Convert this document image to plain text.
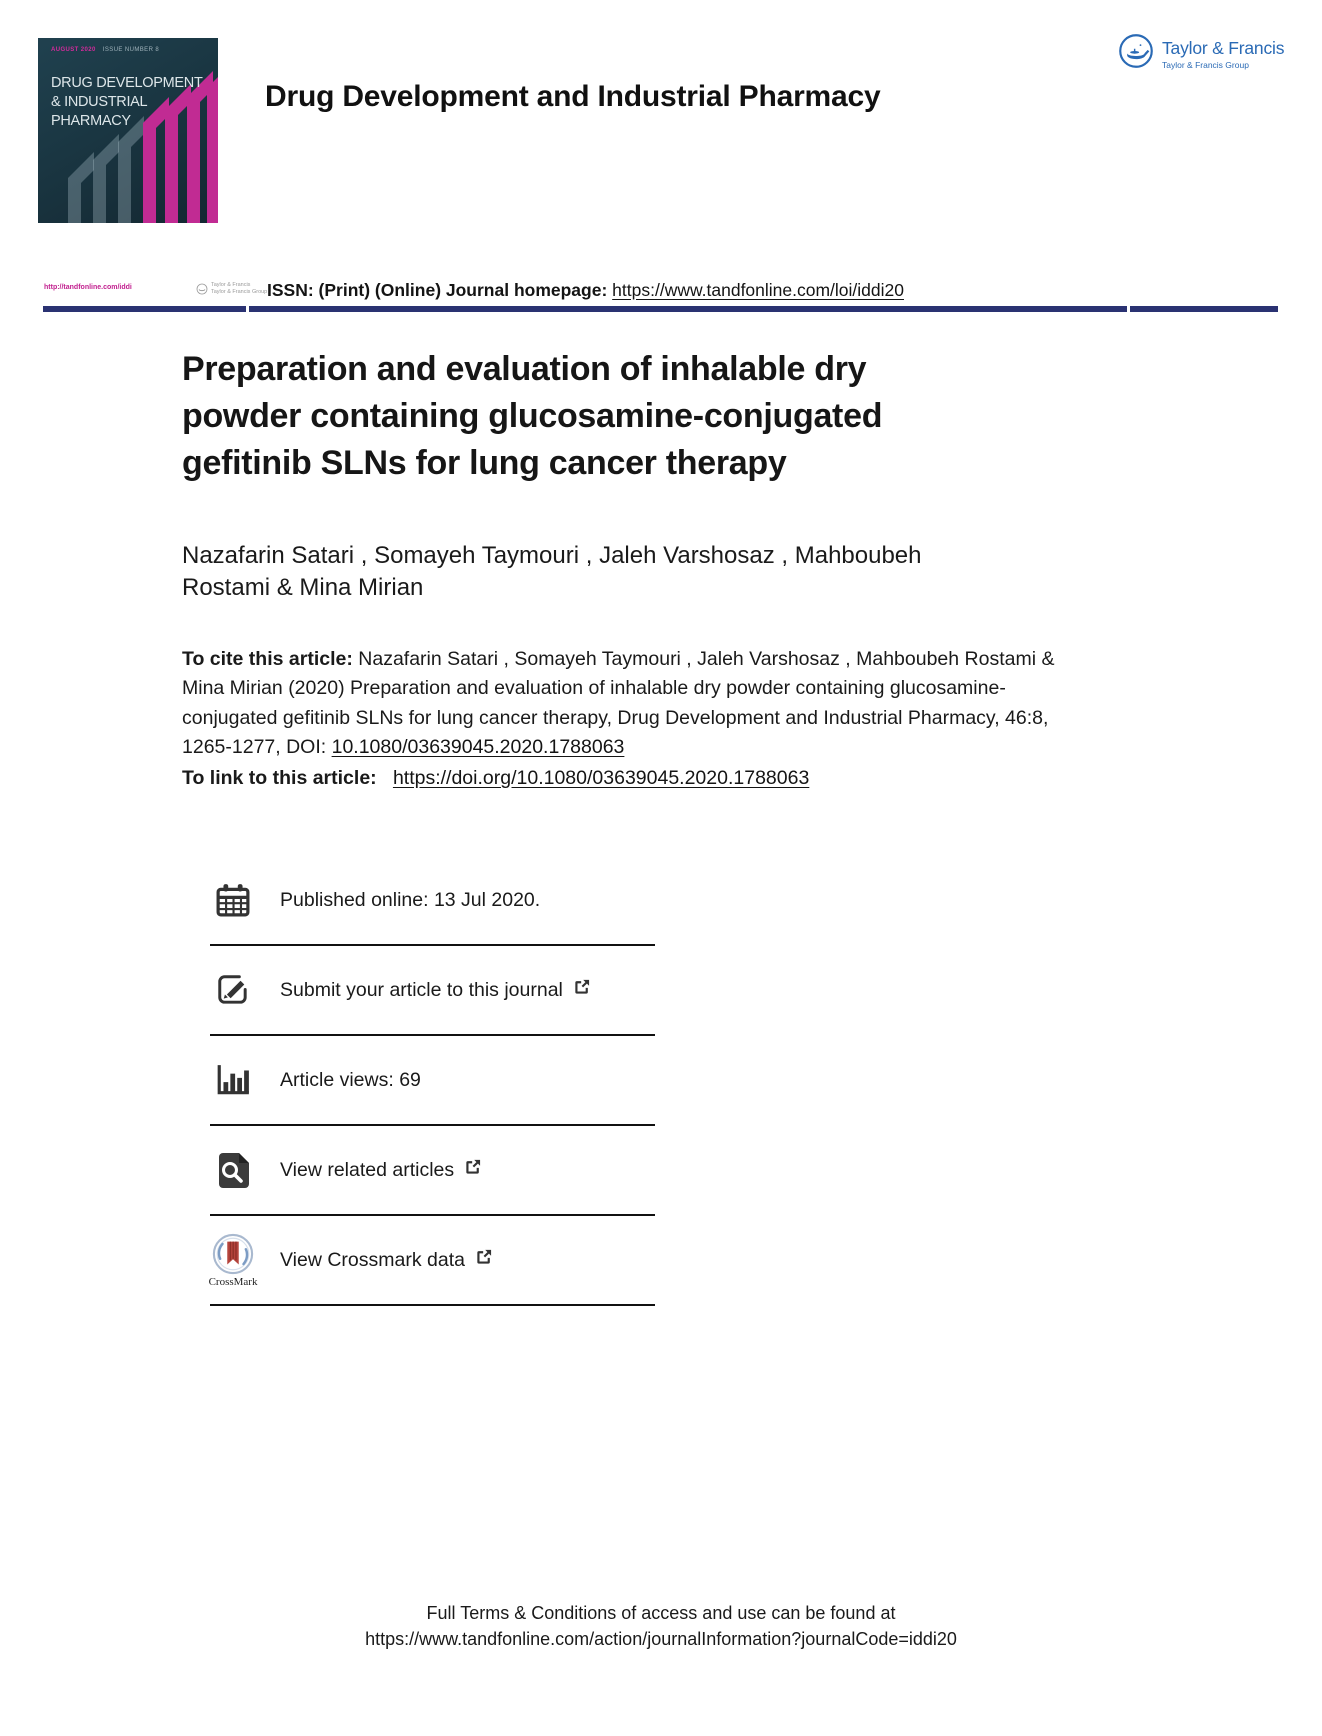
AUGUST 2020 ISSUE NUMBER 8
DRUG DEVELOPMENT
& INDUSTRIAL
PHARMACY
Drug Development and Industrial Pharmacy
Taylor & Francis
Taylor & Francis Group
http://tandfonline.com/iddi	Taylor & Francis
Taylor & Francis Group ISSN: (Print) (Online) Journal homepage: https://www.tandfonline.com/loi/iddi20
Preparation and evaluation of inhalable dry powder containing glucosamine-conjugated gefitinib SLNs for lung cancer therapy
Nazafarin Satari , Somayeh Taymouri , Jaleh Varshosaz , Mahboubeh Rostami & Mina Mirian
To cite this article: Nazafarin Satari , Somayeh Taymouri , Jaleh Varshosaz , Mahboubeh Rostami & Mina Mirian (2020) Preparation and evaluation of inhalable dry powder containing glucosamine-conjugated gefitinib SLNs for lung cancer therapy, Drug Development and Industrial Pharmacy, 46:8, 1265-1277, DOI: 10.1080/03639045.2020.1788063
To link to this article: https://doi.org/10.1080/03639045.2020.1788063
Published online: 13 Jul 2020.
Submit your article to this journal
Article views: 69
View related articles
CrossMark
View Crossmark data
Full Terms & Conditions of access and use can be found at
https://www.tandfonline.com/action/journalInformation?journalCode=iddi20
